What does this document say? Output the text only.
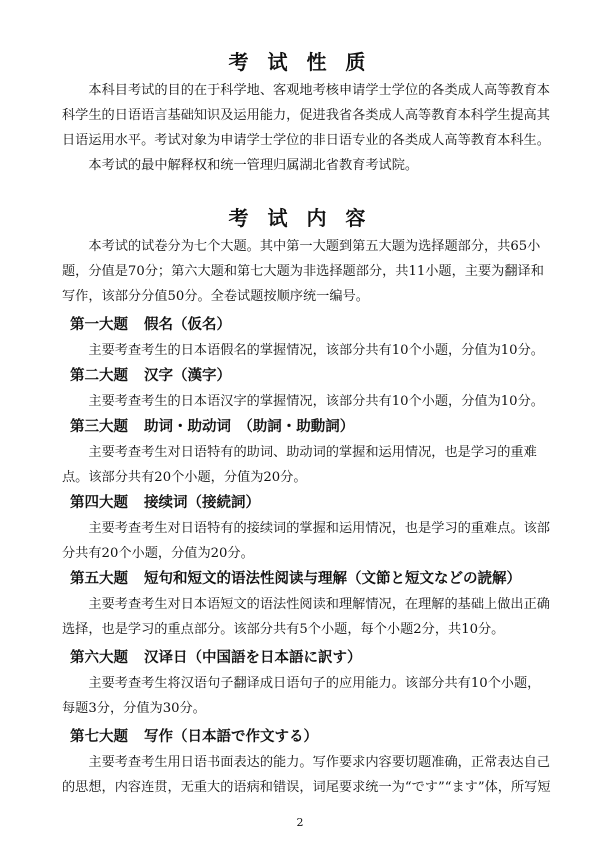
考 试 性 质

本科目考试的目的在于科学地、客观地考核申请学士学位的各类成人高等教育本科学生的日语语言基础知识及运用能力，促进我省各类成人高等教育本科学生提高其日语运用水平。考试对象为申请学士学位的非日语专业的各类成人高等教育本科生。

本考试的最中解释权和统一管理归属湖北省教育考试院。

考 试 内 容

本考试的试卷分为七个大题。其中第一大题到第五大题为选择题部分，共65小题，分值是70分；第六大题和第七大题为非选择题部分，共11小题，主要为翻译和写作，该部分分值50分。全卷试题按顺序统一编号。

第一大题 假名（仮名）

主要考查考生的日本语假名的掌握情况，该部分共有10个小题，分值为10分。

第二大题 汉字（漢字）

主要考查考生的日本语汉字的掌握情况，该部分共有10个小题，分值为10分。

第三大题 助词・助动词　（助詞・助動詞）

主要考查考生对日语特有的助词、助动词的掌握和运用情况，也是学习的重难点。该部分共有20个小题，分值为20分。

第四大题 接续词（接続詞）

主要考查考生对日语特有的接续词的掌握和运用情况，也是学习的重难点。该部分共有20个小题，分值为20分。

第五大题 短句和短文的语法性阅读与理解（文節と短文などの読解）

主要考查考生对日本语短文的语法性阅读和理解情况，在理解的基础上做出正确选择，也是学习的重点部分。该部分共有5个小题，每个小题2分，共10分。

第六大题 汉译日（中国語を日本語に訳す）

主要考查考生将汉语句子翻译成日语句子的应用能力。该部分共有10个小题，每题3分，分值为30分。

第七大题 写作（日本語で作文する）

主要考查考生用日语书面表达的能力。写作要求内容要切题准确，正常表达自己的思想，内容连贯，无重大的语病和错误，词尾要求统一为“です”“ます”体，所写短

2
